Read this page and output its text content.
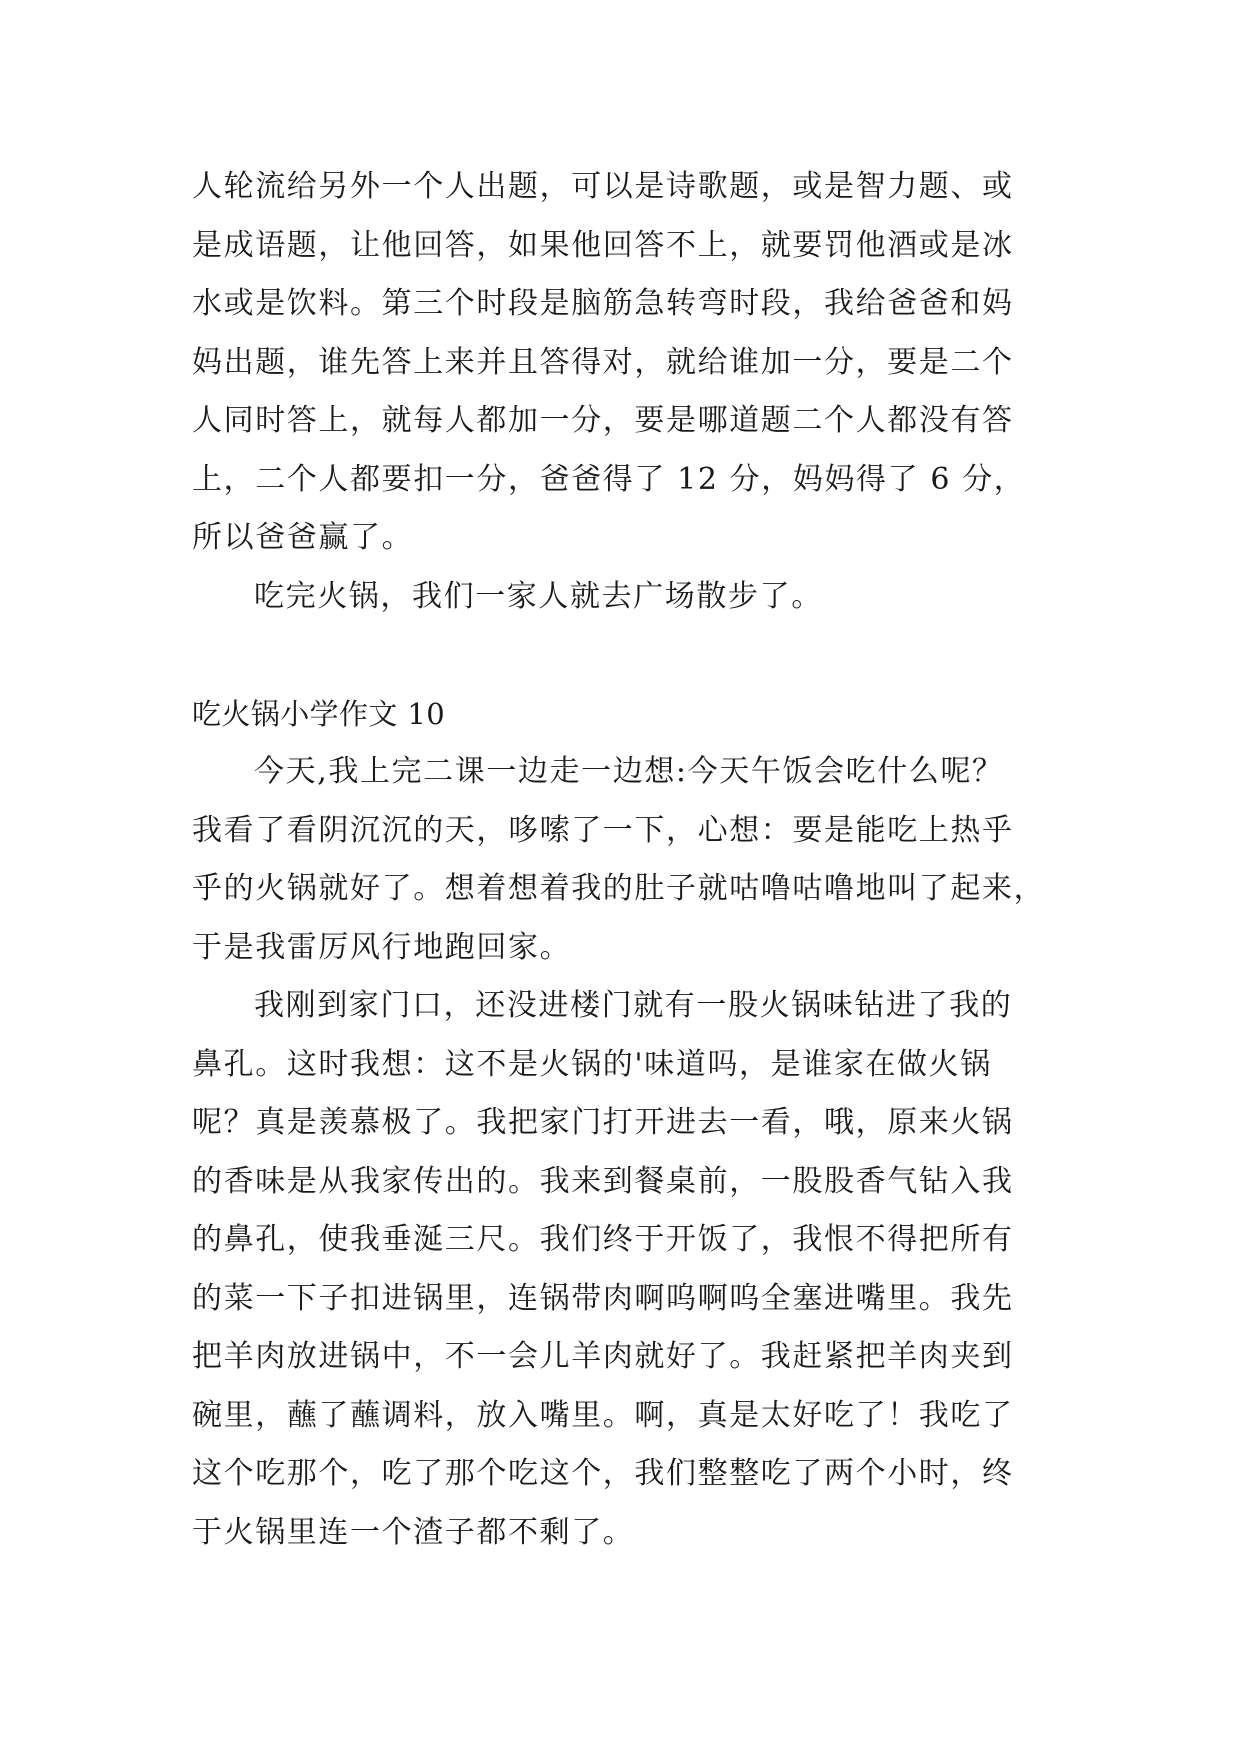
人轮流给另外一个人出题，可以是诗歌题，或是智力题、或
是成语题，让他回答，如果他回答不上，就要罚他酒或是冰
水或是饮料。第三个时段是脑筋急转弯时段，我给爸爸和妈
妈出题，谁先答上来并且答得对，就给谁加一分，要是二个
人同时答上，就每人都加一分，要是哪道题二个人都没有答
上，二个人都要扣一分，爸爸得了 12 分，妈妈得了 6 分，
所以爸爸赢了。
吃完火锅，我们一家人就去广场散步了。
吃火锅小学作文 10
今天,我上完二课一边走一边想:今天午饭会吃什么呢？
我看了看阴沉沉的天，哆嗦了一下，心想：要是能吃上热乎
乎的火锅就好了。想着想着我的肚子就咕噜咕噜地叫了起来，
于是我雷厉风行地跑回家。
我刚到家门口，还没进楼门就有一股火锅味钻进了我的
鼻孔。这时我想：这不是火锅的'味道吗，是谁家在做火锅
呢？真是羡慕极了。我把家门打开进去一看，哦，原来火锅
的香味是从我家传出的。我来到餐桌前，一股股香气钻入我
的鼻孔，使我垂涎三尺。我们终于开饭了，我恨不得把所有
的菜一下子扣进锅里，连锅带肉啊呜啊呜全塞进嘴里。我先
把羊肉放进锅中，不一会儿羊肉就好了。我赶紧把羊肉夹到
碗里，蘸了蘸调料，放入嘴里。啊，真是太好吃了！我吃了
这个吃那个，吃了那个吃这个，我们整整吃了两个小时，终
于火锅里连一个渣子都不剩了。
